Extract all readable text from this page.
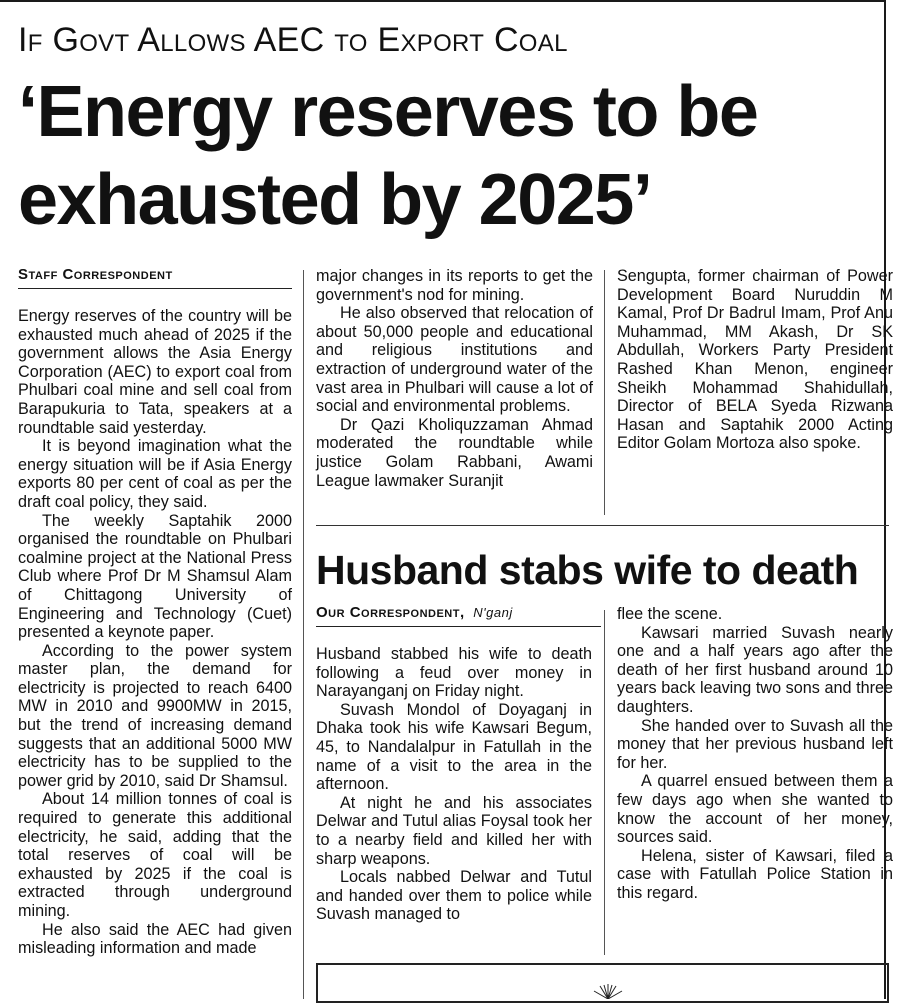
If Govt Allows AEC to Export Coal
‘Energy reserves to be exhausted by 2025’
Staff Correspondent

Energy reserves of the country will be exhausted much ahead of 2025 if the government allows the Asia Energy Corporation (AEC) to export coal from Phulbari coal mine and sell coal from Barapukuria to Tata, speakers at a roundtable said yesterday.

It is beyond imagination what the energy situation will be if Asia Energy exports 80 per cent of coal as per the draft coal policy, they said.

The weekly Saptahik 2000 organised the roundtable on Phulbari coalmine project at the National Press Club where Prof Dr M Shamsul Alam of Chittagong University of Engineering and Technology (Cuet) presented a keynote paper.

According to the power system master plan, the demand for electricity is projected to reach 6400 MW in 2010 and 9900MW in 2015, but the trend of increasing demand suggests that an additional 5000 MW electricity has to be supplied to the power grid by 2010, said Dr Shamsul.

About 14 million tonnes of coal is required to generate this additional electricity, he said, adding that the total reserves of coal will be exhausted by 2025 if the coal is extracted through underground mining.

He also said the AEC had given misleading information and made

major changes in its reports to get the government's nod for mining.

He also observed that relocation of about 50,000 people and educational and religious institutions and extraction of underground water of the vast area in Phulbari will cause a lot of social and environmental problems.

Dr Qazi Kholiquzzaman Ahmad moderated the roundtable while justice Golam Rabbani, Awami League lawmaker Suranjit

Sengupta, former chairman of Power Development Board Nuruddin M Kamal, Prof Dr Badrul Imam, Prof Anu Muhammad, MM Akash, Dr SK Abdullah, Workers Party President Rashed Khan Menon, engineer Sheikh Mohammad Shahidullah, Director of BELA Syeda Rizwana Hasan and Saptahik 2000 Acting Editor Golam Mortoza also spoke.

Husband stabs wife to death
Our Correspondent, N'ganj

Husband stabbed his wife to death following a feud over money in Narayanganj on Friday night.

Suvash Mondol of Doyaganj in Dhaka took his wife Kawsari Begum, 45, to Nandalalpur in Fatullah in the name of a visit to the area in the afternoon.

At night he and his associates Delwar and Tutul alias Foysal took her to a nearby field and killed her with sharp weapons.

Locals nabbed Delwar and Tutul and handed over them to police while Suvash managed to

flee the scene.

Kawsari married Suvash nearly one and a half years ago after the death of her first husband around 10 years back leaving two sons and three daughters.

She handed over to Suvash all the money that her previous husband left for her.

A quarrel ensued between them a few days ago when she wanted to know the account of her money, sources said.

Helena, sister of Kawsari, filed a case with Fatullah Police Station in this regard.
